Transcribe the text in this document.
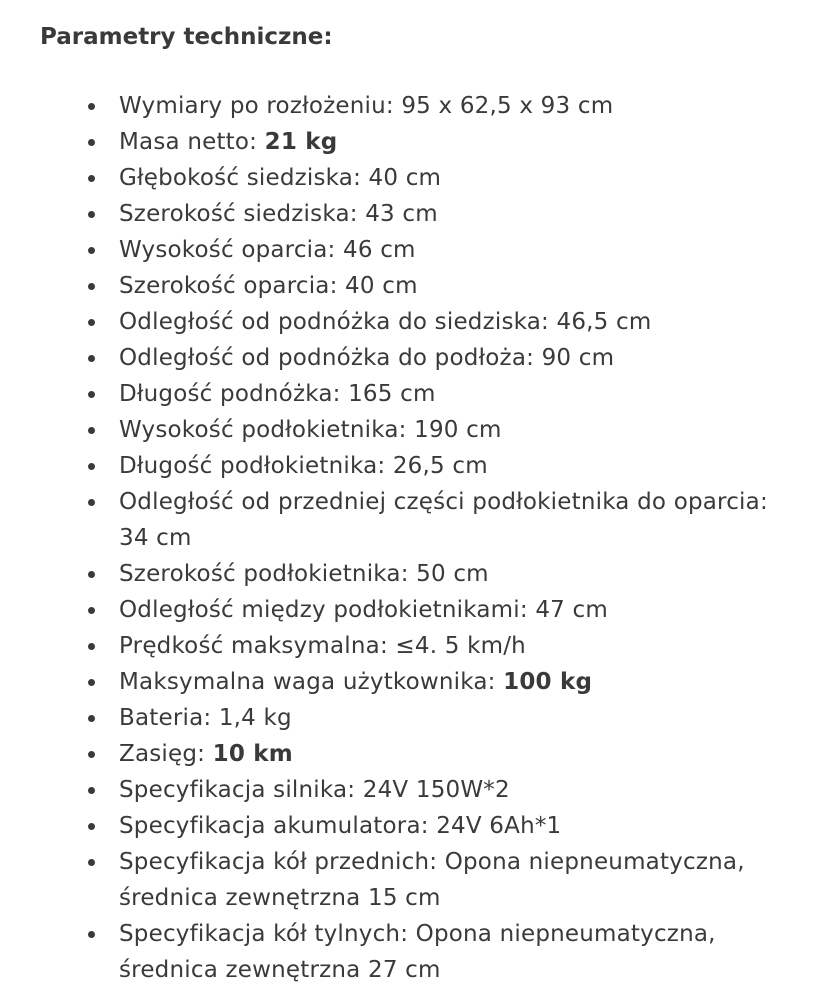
Parametry techniczne:
Wymiary po rozłożeniu: 95 x 62,5 x 93 cm
Masa netto: 21 kg
Głębokość siedziska: 40 cm
Szerokość siedziska: 43 cm
Wysokość oparcia: 46 cm
Szerokość oparcia: 40 cm
Odległość od podnóżka do siedziska: 46,5 cm
Odległość od podnóżka do podłoża: 90 cm
Długość podnóżka: 165 cm
Wysokość podłokietnika: 190 cm
Długość podłokietnika: 26,5 cm
Odległość od przedniej części podłokietnika do oparcia: 34 cm
Szerokość podłokietnika: 50 cm
Odległość między podłokietnikami: 47 cm
Prędkość maksymalna: ≤4. 5 km/h
Maksymalna waga użytkownika: 100 kg
Bateria: 1,4 kg
Zasięg: 10 km
Specyfikacja silnika: 24V 150W*2
Specyfikacja akumulatora: 24V 6Ah*1
Specyfikacja kół przednich: Opona niepneumatyczna, średnica zewnętrzna 15 cm
Specyfikacja kół tylnych: Opona niepneumatyczna, średnica zewnętrzna 27 cm
